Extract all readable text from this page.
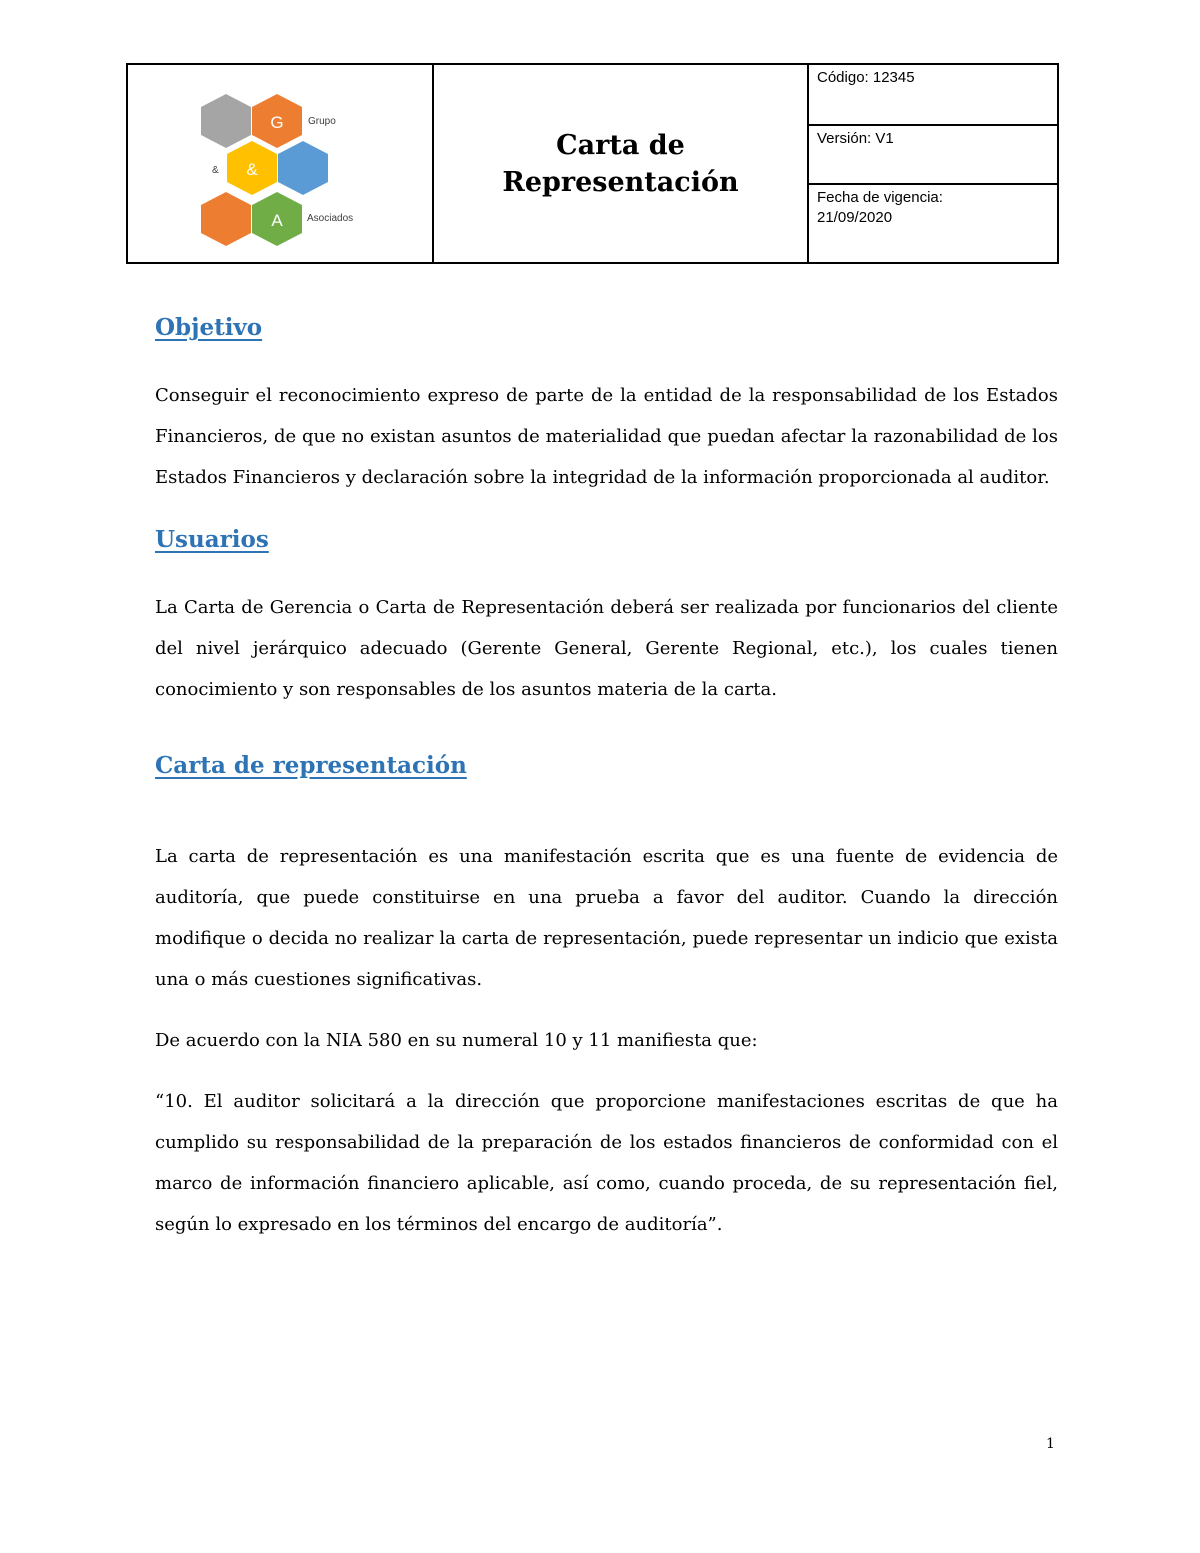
G
&
A
Grupo
&
Asociados
Carta de Representación
Código: 12345
Versión: V1
Fecha de vigencia:
21/09/2020
Objetivo

Conseguir el reconocimiento expreso de parte de la entidad de la responsabilidad de los Estados Financieros, de que no existan asuntos de materialidad que puedan afectar la razonabilidad de los Estados Financieros y declaración sobre la integridad de la información proporcionada al auditor.

Usuarios

La Carta de Gerencia o Carta de Representación deberá ser realizada por funcionarios del cliente del nivel jerárquico adecuado (Gerente General, Gerente Regional, etc.), los cuales tienen conocimiento y son responsables de los asuntos materia de la carta.

Carta de representación

La carta de representación es una manifestación escrita que es una fuente de evidencia de auditoría, que puede constituirse en una prueba a favor del auditor. Cuando la dirección modifique o decida no realizar la carta de representación, puede representar un indicio que exista una o más cuestiones significativas.

De acuerdo con la NIA 580 en su numeral 10 y 11 manifiesta que:

“10. El auditor solicitará a la dirección que proporcione manifestaciones escritas de que ha cumplido su responsabilidad de la preparación de los estados financieros de conformidad con el marco de información financiero aplicable, así como, cuando proceda, de su representación fiel, según lo expresado en los términos del encargo de auditoría”.

1
